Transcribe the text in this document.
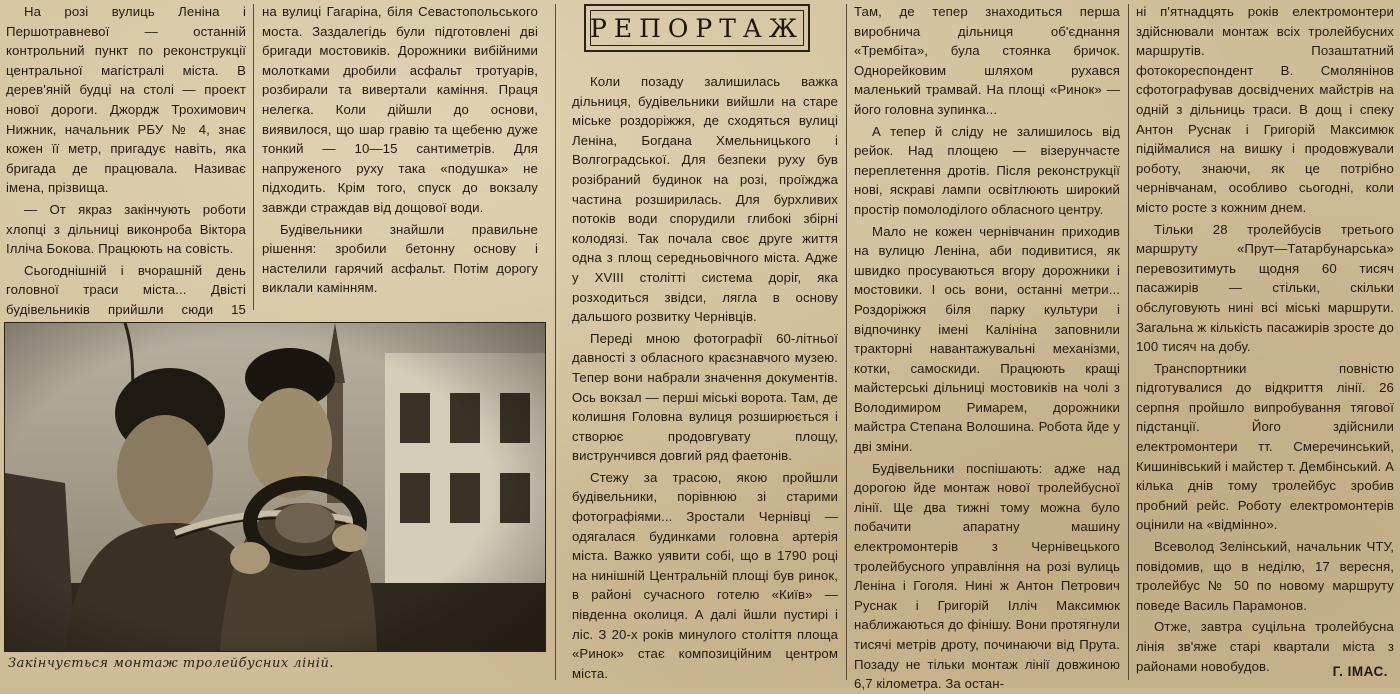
РЕПОРТАЖ

На розі вулиць Леніна і Першотравневої — останній контрольний пункт по реконструкції центральної магістралі міста. В дерев'яній будці на столі — проект нової дороги. Джордж Трохимович Нижник, начальник РБУ № 4, знає кожен її метр, пригадує навіть, яка бригада де працювала. Називає імена, прізвища.

— От якраз закінчують роботи хлопці з дільниці виконроба Віктора Ілліча Бокова. Працюють на совість.

Сьогоднішній і вчорашній день головної траси міста... Двісті будівельників прийшли сюди 15

на вулиці Гагаріна, біля Севастопольського моста. Заздалегідь були підготовлені дві бригади мостовиків. Дорожники вибійними молотками дробили асфальт тротуарів, розбирали та вивертали каміння. Праця нелегка. Коли дійшли до основи, виявилося, що шар гравію та щебеню дуже тонкий — 10—15 сантиметрів. Для напруженого руху така «подушка» не підходить. Крім того, спуск до вокзалу завжди страждав від дощової води.

Будівельники знайшли правильне рішення: зробили бетонну основу і настелили гарячий асфальт. Потім дорогу виклали камінням.

Закінчується монтаж тролейбусних ліній.

Коли позаду залишилась важка дільниця, будівельники вийшли на старе міське роздоріжжя, де сходяться вулиці Леніна, Богдана Хмельницького і Волгоградської. Для безпеки руху був розібраний будинок на розі, проїжджа частина розширилась. Для бурхливих потоків води спорудили глибокі збірні колодязі. Так почала своє друге життя одна з площ середньовічного міста. Адже у XVIII столітті система доріг, яка розходиться звідси, лягла в основу дальшого розвитку Чернівців.

Переді мною фотографії 60-літньої давності з обласного краєзнавчого музею. Тепер вони набрали значення документів. Ось вокзал — перші міські ворота. Там, де колишня Головна вулиця розширюється і створює продовгувату площу, виструнчився довгий ряд фаетонів.

Стежу за трасою, якою пройшли будівельники, порівнюю зі старими фотографіями... Зростали Чернівці — одягалася будинками головна артерія міста. Важко уявити собі, що в 1790 році на нинішній Центральній площі був ринок, в районі сучасного готелю «Київ» — південна околиця. А далі йшли пустирі і ліс. З 20-х років минулого століття площа «Ринок» стає композиційним центром міста.

Там, де тепер знаходиться перша виробнича дільниця об'єднання «Трембіта», була стоянка бричок. Однорейковим шляхом рухався маленький трамвай. На площі «Ринок» — його головна зупинка...

А тепер й сліду не залишилось від рейок. Над площею — візерунчасте переплетення дротів. Після реконструкції нові, яскраві лампи освітлюють широкий простір помолоділого обласного центру.

Мало не кожен чернівчанин приходив на вулицю Леніна, аби подивитися, як швидко просуваються вгору дорожники і мостовики. І ось вони, останні метри... Роздоріжжя біля парку культури і відпочинку імені Калініна заповнили тракторні навантажувальні механізми, котки, самоскиди. Працюють кращі майстерські дільниці мостовиків на чолі з Володимиром Римарем, дорожники майстра Степана Волошина. Робота йде у дві зміни.

Будівельники поспішають: адже над дорогою йде монтаж нової тролейбусної лінії. Ще два тижні тому можна було побачити апаратну машину електромонтерів з Чернівецького тролейбусного управління на розі вулиць Леніна і Гоголя. Нині ж Антон Петрович Руснак і Григорій Ілліч Максимюк наближаються до фінішу. Вони протягнули тисячі метрів дроту, починаючи від Прута. Позаду не тільки монтаж лінії довжиною 6,7 кілометра. За остан-

ні п'ятнадцять років електромонтери здійснювали монтаж всіх тролейбусних маршрутів. Позаштатний фотокореспондент В. Смолянінов сфотографував досвідчених майстрів на одній з дільниць траси. В дощ і спеку Антон Руснак і Григорій Максимюк підіймалися на вишку і продовжували роботу, знаючи, як це потрібно чернівчанам, особливо сьогодні, коли місто росте з кожним днем.

Тільки 28 тролейбусів третього маршруту «Прут—Татарбунарська» перевозитимуть щодня 60 тисяч пасажирів — стільки, скільки обслуговують нині всі міські маршрути. Загальна ж кількість пасажирів зросте до 100 тисяч на добу.

Транспортники повністю підготувалися до відкриття лінії. 26 серпня пройшло випробування тягової підстанції. Його здійснили електромонтери тт. Смеречинський, Кишинівський і майстер т. Дембінський. А кілька днів тому тролейбус зробив пробний рейс. Роботу електромонтерів оцінили на «відмінно».

Всеволод Зелінський, начальник ЧТУ, повідомив, що в неділю, 17 вересня, тролейбус № 50 по новому маршруту поведе Василь Парамонов.

Отже, завтра суцільна тролейбусна лінія зв'яже старі квартали міста з районами новобудов.	Г. ІМАС.
